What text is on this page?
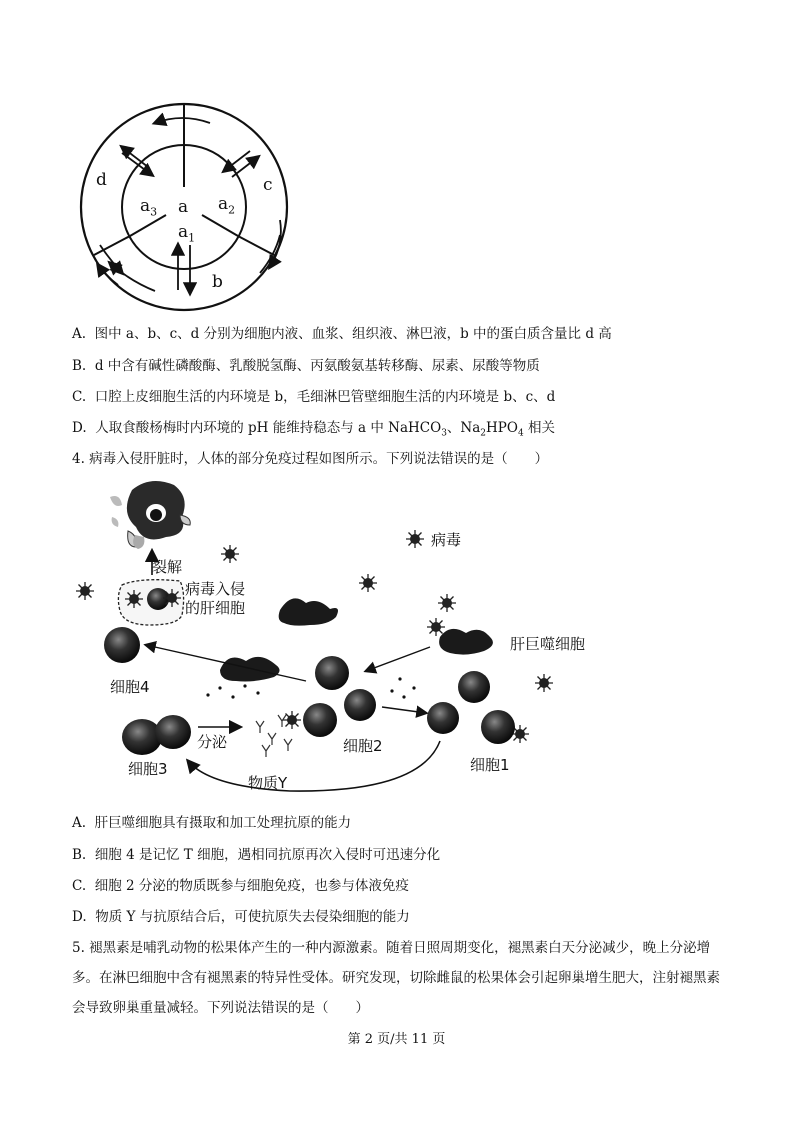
a
$a_3$	$a_2$
$a_1$
d	c
b
A. 图中 a、b、c、d 分别为细胞内液、血浆、组织液、淋巴液，b 中的蛋白质含量比 d 高
B. d 中含有碱性磷酸酶、乳酸脱氢酶、丙氨酸氨基转移酶、尿素、尿酸等物质
C. 口腔上皮细胞生活的内环境是 b，毛细淋巴管壁细胞生活的内环境是 b、c、d
D. 人取食酸杨梅时内环境的 pH 能维持稳态与 a 中 NaHCO$_3$、$Na_2HPO_4$ 相关
4. 病毒入侵肝脏时，人体的部分免疫过程如图所示。下列说法错误的是（　　）
病毒
裂解
病毒入侵
的肝细胞
肝巨噬细胞
细胞4
细胞2
分泌
细胞3	细胞1
物质Y
A. 肝巨噬细胞具有摄取和加工处理抗原的能力
B. 细胞 4 是记忆 T 细胞，遇相同抗原再次入侵时可迅速分化
C. 细胞 2 分泌的物质既参与细胞免疫，也参与体液免疫
D. 物质 Y 与抗原结合后，可使抗原失去侵染细胞的能力
5. 褪黑素是哺乳动物的松果体产生的一种内源激素。随着日照周期变化，褪黑素白天分泌减少，晚上分泌增多。在淋巴细胞中含有褪黑素的特异性受体。研究发现，切除雌鼠的松果体会引起卵巢增生肥大，注射褪黑素会导致卵巢重量减轻。下列说法错误的是（　　）
第 2 页/共 11 页
